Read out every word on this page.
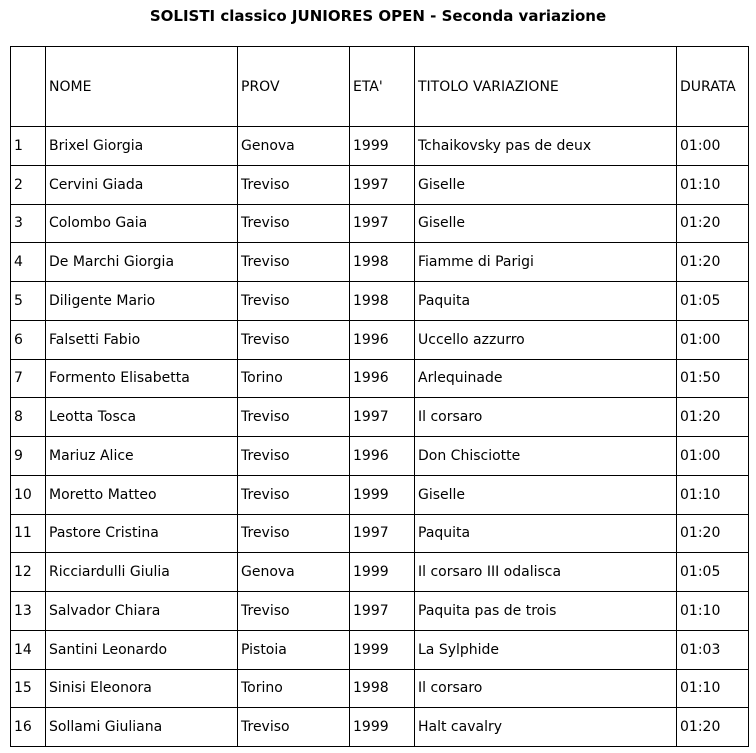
SOLISTI classico JUNIORES OPEN - Seconda variazione
	NOME	PROV	ETA'	TITOLO VARIAZIONE	DURATA
1	Brixel Giorgia	Genova	1999	Tchaikovsky pas de deux	01:00
2	Cervini Giada	Treviso	1997	Giselle	01:10
3	Colombo Gaia	Treviso	1997	Giselle	01:20
4	De Marchi Giorgia	Treviso	1998	Fiamme di Parigi	01:20
5	Diligente Mario	Treviso	1998	Paquita	01:05
6	Falsetti Fabio	Treviso	1996	Uccello azzurro	01:00
7	Formento Elisabetta	Torino	1996	Arlequinade	01:50
8	Leotta Tosca	Treviso	1997	Il corsaro	01:20
9	Mariuz Alice	Treviso	1996	Don Chisciotte	01:00
10	Moretto Matteo	Treviso	1999	Giselle	01:10
11	Pastore Cristina	Treviso	1997	Paquita	01:20
12	Ricciardulli Giulia	Genova	1999	Il corsaro III odalisca	01:05
13	Salvador Chiara	Treviso	1997	Paquita pas de trois	01:10
14	Santini Leonardo	Pistoia	1999	La Sylphide	01:03
15	Sinisi Eleonora	Torino	1998	Il corsaro	01:10
16	Sollami Giuliana	Treviso	1999	Halt cavalry	01:20
